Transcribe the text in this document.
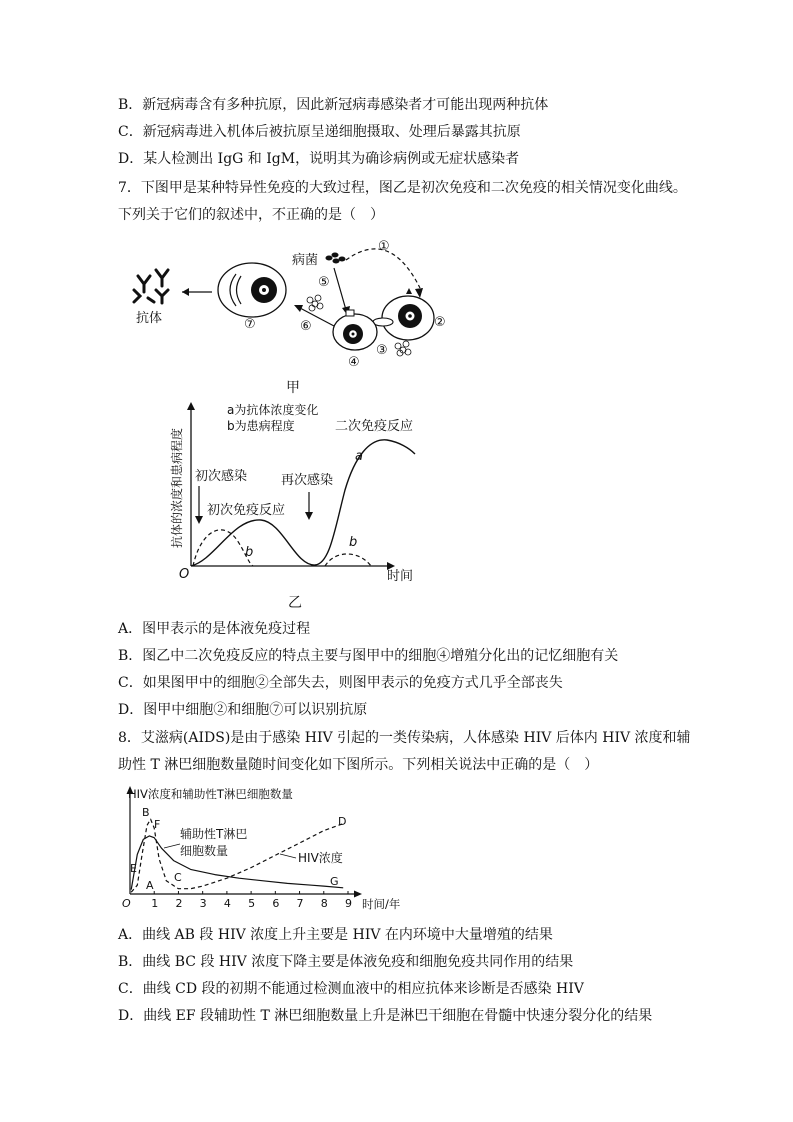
B．新冠病毒含有多种抗原，因此新冠病毒感染者才可能出现两种抗体
C．新冠病毒进入机体后被抗原呈递细胞摄取、处理后暴露其抗原
D．某人检测出 IgG 和 IgM，说明其为确诊病例或无症状感染者
7．下图甲是某种特异性免疫的大致过程，图乙是初次免疫和二次免疫的相关情况变化曲线。
下列关于它们的叙述中，不正确的是（　）
抗体	⑦
病菌
①
⑤
②
④
③
⑥
甲
O	时间
抗体的浓度和患病程度
a为抗体浓度变化
b为患病程度	二次免疫反应
初次感染
初次免疫反应
再次感染
a
b
b
乙
A．图甲表示的是体液免疫过程
B．图乙中二次免疫反应的特点主要与图甲中的细胞④增殖分化出的记忆细胞有关
C．如果图甲中的细胞②全部失去，则图甲表示的免疫方式几乎全部丧失
D．图甲中细胞②和细胞⑦可以识别抗原
8．艾滋病(AIDS)是由于感染 HIV 引起的一类传染病，人体感染 HIV 后体内 HIV 浓度和辅
助性 T 淋巴细胞数量随时间变化如下图所示。下列相关说法中正确的是（　）
HIV浓度和辅助性T淋巴细胞数量
时间/年
O 1 2 3 4 5 6 7 8 9
A
B
C
D
E
F
G
辅助性T淋巴
细胞数量	HIV浓度
A．曲线 AB 段 HIV 浓度上升主要是 HIV 在内环境中大量增殖的结果
B．曲线 BC 段 HIV 浓度下降主要是体液免疫和细胞免疫共同作用的结果
C．曲线 CD 段的初期不能通过检测血液中的相应抗体来诊断是否感染 HIV
D．曲线 EF 段辅助性 T 淋巴细胞数量上升是淋巴干细胞在骨髓中快速分裂分化的结果
